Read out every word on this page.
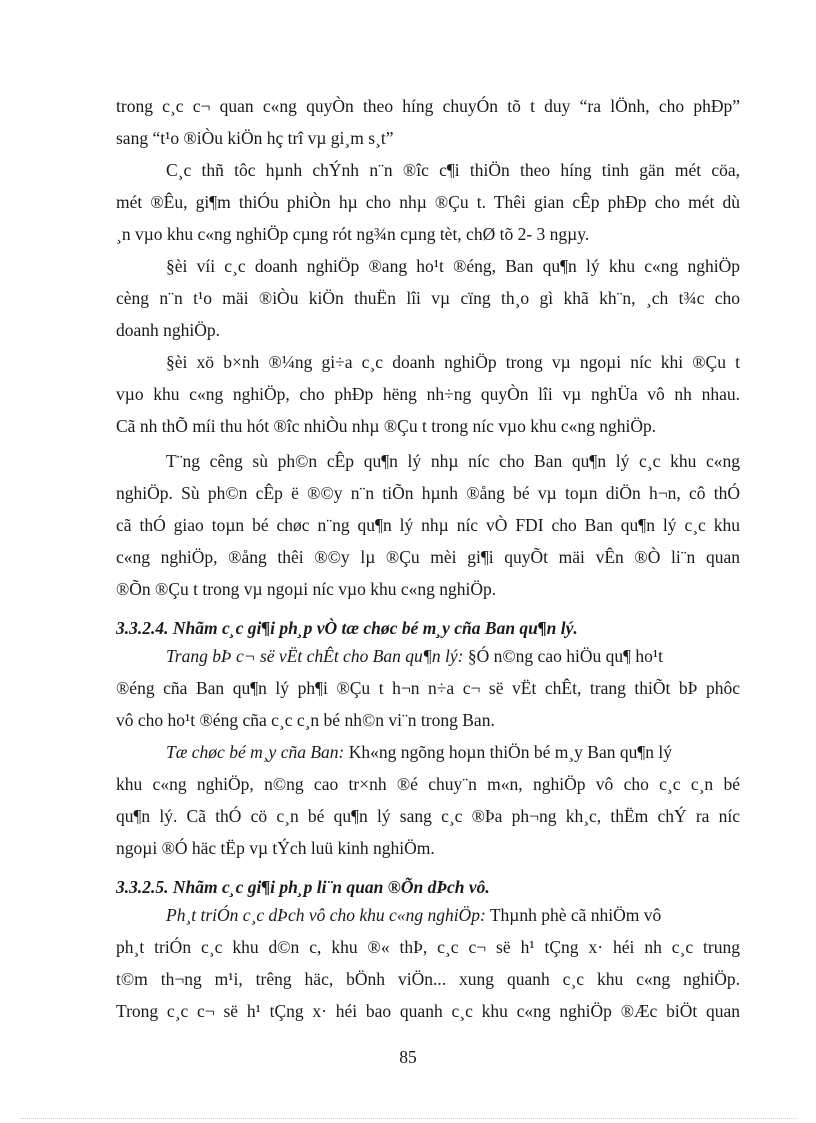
trong c¸c c¬ quan c«ng quyÒn theo híng chuyÓn tõ t duy “ra lÖnh, cho phÐp”
sang “t¹o ®iÒu kiÖn hç trî vµ gi¸m s¸t”
C¸c thñ tôc hµnh chÝnh n¨n ®îc c¶i thiÖn theo híng tinh gän mét cöa,
mét ®Êu, gi¶m thiÓu phiÒn hµ cho nhµ ®Çu t. Thêi gian cÊp phÐp cho mét dù
¸n vµo khu c«ng nghiÖp cµng rót ng¾n cµng tèt, chØ tõ 2- 3 ngµy.
§èi víi c¸c doanh nghiÖp ®ang ho¹t ®éng, Ban qu¶n lý khu c«ng nghiÖp
cèng n¨n t¹o mäi ®iÒu kiÖn thuËn lîi vµ cïng th¸o gì khã kh¨n, ¸ch t¾c cho
doanh nghiÖp.
§èi xö b×nh ®¼ng gi÷a c¸c doanh nghiÖp trong vµ ngoµi níc khi ®Çu t
vµo khu c«ng nghiÖp, cho phÐp hëng nh÷ng quyÒn lîi vµ nghÜa vô nh nhau.
Cã nh thÕ míi thu hót ®îc nhiÒu nhµ ®Çu t trong níc vµo khu c«ng nghiÖp.
T¨ng cêng sù ph©n cÊp qu¶n lý nhµ níc cho Ban qu¶n lý c¸c khu c«ng
nghiÖp. Sù ph©n cÊp ë ®©y n¨n tiÕn hµnh ®ång bé vµ toµn diÖn h¬n, cô thÓ
cã thÓ giao toµn bé chøc n¨ng qu¶n lý nhµ níc vÒ FDI cho Ban qu¶n lý c¸c khu
c«ng nghiÖp, ®ång thêi ®©y lµ ®Çu mèi gi¶i quyÕt mäi vÊn ®Ò li¨n quan
®Õn ®Çu t trong vµ ngoµi níc vµo khu c«ng nghiÖp.
3.3.2.4. Nhãm c¸c gi¶i ph¸p vÒ tæ chøc bé m¸y cña Ban qu¶n lý.
Trang bÞ c¬ së vËt chÊt cho Ban qu¶n lý: §Ó n©ng cao hiÖu qu¶ ho¹t
®éng cña Ban qu¶n lý ph¶i ®Çu t h¬n n÷a c¬ së vËt chÊt, trang thiÕt bÞ phôc
vô cho ho¹t ®éng cña c¸c c¸n bé nh©n vi¨n trong Ban.
Tæ chøc bé m¸y cña Ban: Kh«ng ngõng hoµn thiÖn bé m¸y Ban qu¶n lý
khu c«ng nghiÖp, n©ng cao tr×nh ®é chuy¨n m«n, nghiÖp vô cho c¸c c¸n bé
qu¶n lý. Cã thÓ cö c¸n bé qu¶n lý sang c¸c ®Þa ph¬ng kh¸c, thËm chÝ ra níc
ngoµi ®Ó häc tËp vµ tÝch luü kinh nghiÖm.
3.3.2.5. Nhãm c¸c gi¶i ph¸p li¨n quan ®Õn dÞch vô.
Ph¸t triÓn c¸c dÞch vô cho khu c«ng nghiÖp: Thµnh phè cã nhiÖm vô
ph¸t triÓn c¸c khu d©n c, khu ®« thÞ, c¸c c¬ së h¹ tÇng x· héi nh c¸c trung
t©m th¬ng m¹i, trêng häc, bÖnh viÖn... xung quanh c¸c khu c«ng nghiÖp.
Trong c¸c c¬ së h¹ tÇng x· héi bao quanh c¸c khu c«ng nghiÖp ®Æc biÖt quan
85
